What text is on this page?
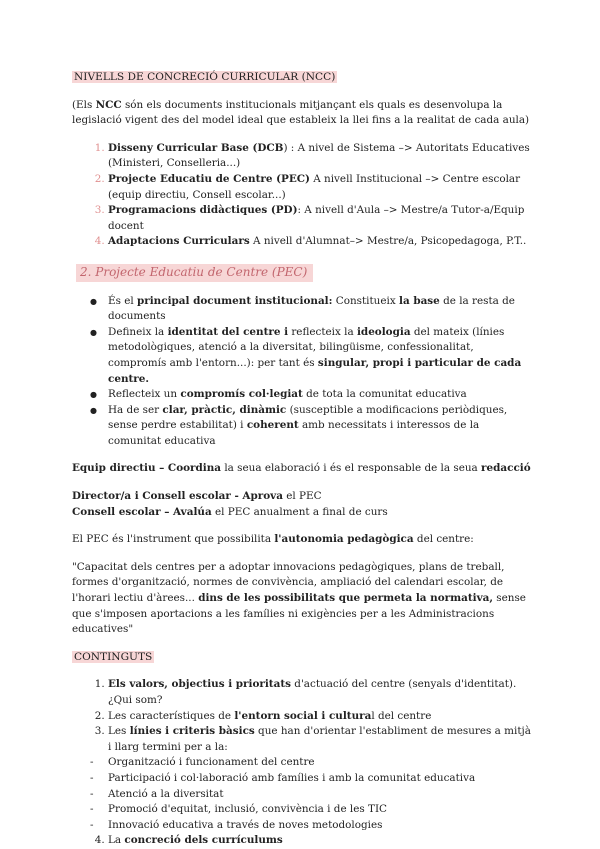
NIVELLS DE CONCRECIÓ CURRICULAR (NCC)

(Els NCC són els documents institucionals mitjançant els quals es desenvolupa la legislació vigent des del model ideal que estableix la llei fins a la realitat de cada aula)

1. Disseny Curricular Base (DCB) : A nivel de Sistema –> Autoritats Educatives (Ministeri, Conselleria...)
2. Projecte Educatiu de Centre (PEC) A nivell Institucional –> Centre escolar (equip directiu, Consell escolar...)
3. Programacions didàctiques (PD): A nivell d'Aula –> Mestre/a Tutor-a/Equip docent
4. Adaptacions Curriculars A nivell d'Alumnat–> Mestre/a, Psicopedagoga, P.T..
2. Projecte Educatiu de Centre (PEC)
● És el principal document institucional: Constitueix la base de la resta de documents
● Defineix la identitat del centre i reflecteix la ideologia del mateix (línies metodològiques, atenció a la diversitat, bilingüisme, confessionalitat, compromís amb l'entorn...): per tant és singular, propi i particular de cada centre.
● Reflecteix un compromís col·legiat de tota la comunitat educativa
● Ha de ser clar, pràctic, dinàmic (susceptible a modificacions periòdiques, sense perdre estabilitat) i coherent amb necessitats i interessos de la comunitat educativa

Equip directiu – Coordina la seua elaboració i és el responsable de la seua redacció

Director/a i Consell escolar - Aprova el PEC

Consell escolar – Avalúa el PEC anualment a final de curs

El PEC és l'instrument que possibilita l'autonomia pedagògica del centre:

"Capacitat dels centres per a adoptar innovacions pedagògiques, plans de treball, formes d'organització, normes de convivència, ampliació del calendari escolar, de l'horari lectiu d'àrees... dins de les possibilitats que permeta la normativa, sense que s'imposen aportacions a les famílies ni exigències per a les Administracions educatives"

CONTINGUTS

1. Els valors, objectius i prioritats d'actuació del centre (senyals d'identitat). ¿Qui som?
2. Les característiques de l'entorn social i cultural del centre
3. Les línies i criteris bàsics que han d'orientar l'establiment de mesures a mitjà i llarg termini per a la:
- Organització i funcionament del centre
- Participació i col·laboració amb famílies i amb la comunitat educativa
- Atenció a la diversitat
- Promoció d'equitat, inclusió, convivència i de les TIC
- Innovació educativa a través de noves metodologies
4. La concreció dels currículums
